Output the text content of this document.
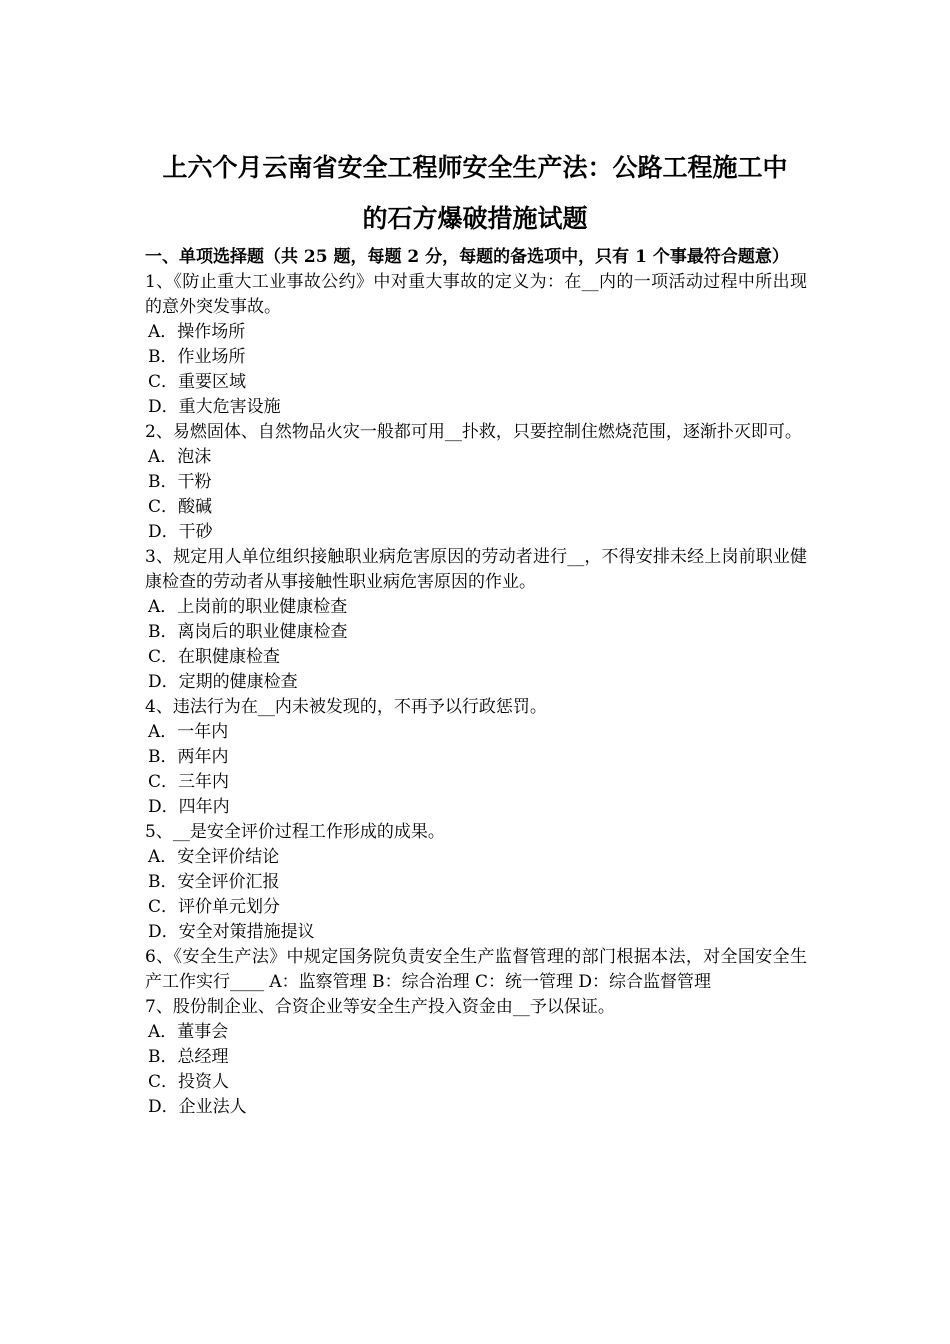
上六个月云南省安全工程师安全生产法：公路工程施工中
的石方爆破措施试题
一、单项选择题（共 25 题，每题 2 分，每题的备选项中，只有 1 个事最符合题意）
1、《防止重大工业事故公约》中对重大事故的定义为：在__内的一项活动过程中所出现的意外突发事故。
A．操作场所
B．作业场所
C．重要区域
D．重大危害设施
2、易燃固体、自然物品火灾一般都可用__扑救，只要控制住燃烧范围，逐渐扑灭即可。
A．泡沫
B．干粉
C．酸碱
D．干砂
3、规定用人单位组织接触职业病危害原因的劳动者进行__，不得安排未经上岗前职业健康检查的劳动者从事接触性职业病危害原因的作业。
A．上岗前的职业健康检查
B．离岗后的职业健康检查
C．在职健康检查
D．定期的健康检查
4、违法行为在__内未被发现的，不再予以行政惩罚。
A．一年内
B．两年内
C．三年内
D．四年内
5、__是安全评价过程工作形成的成果。
A．安全评价结论
B．安全评价汇报
C．评价单元划分
D．安全对策措施提议
6、《安全生产法》中规定国务院负责安全生产监督管理的部门根据本法，对全国安全生产工作实行____ A：监察管理 B：综合治理 C：统一管理 D：综合监督管理
7、股份制企业、合资企业等安全生产投入资金由__予以保证。
A．董事会
B．总经理
C．投资人
D．企业法人
